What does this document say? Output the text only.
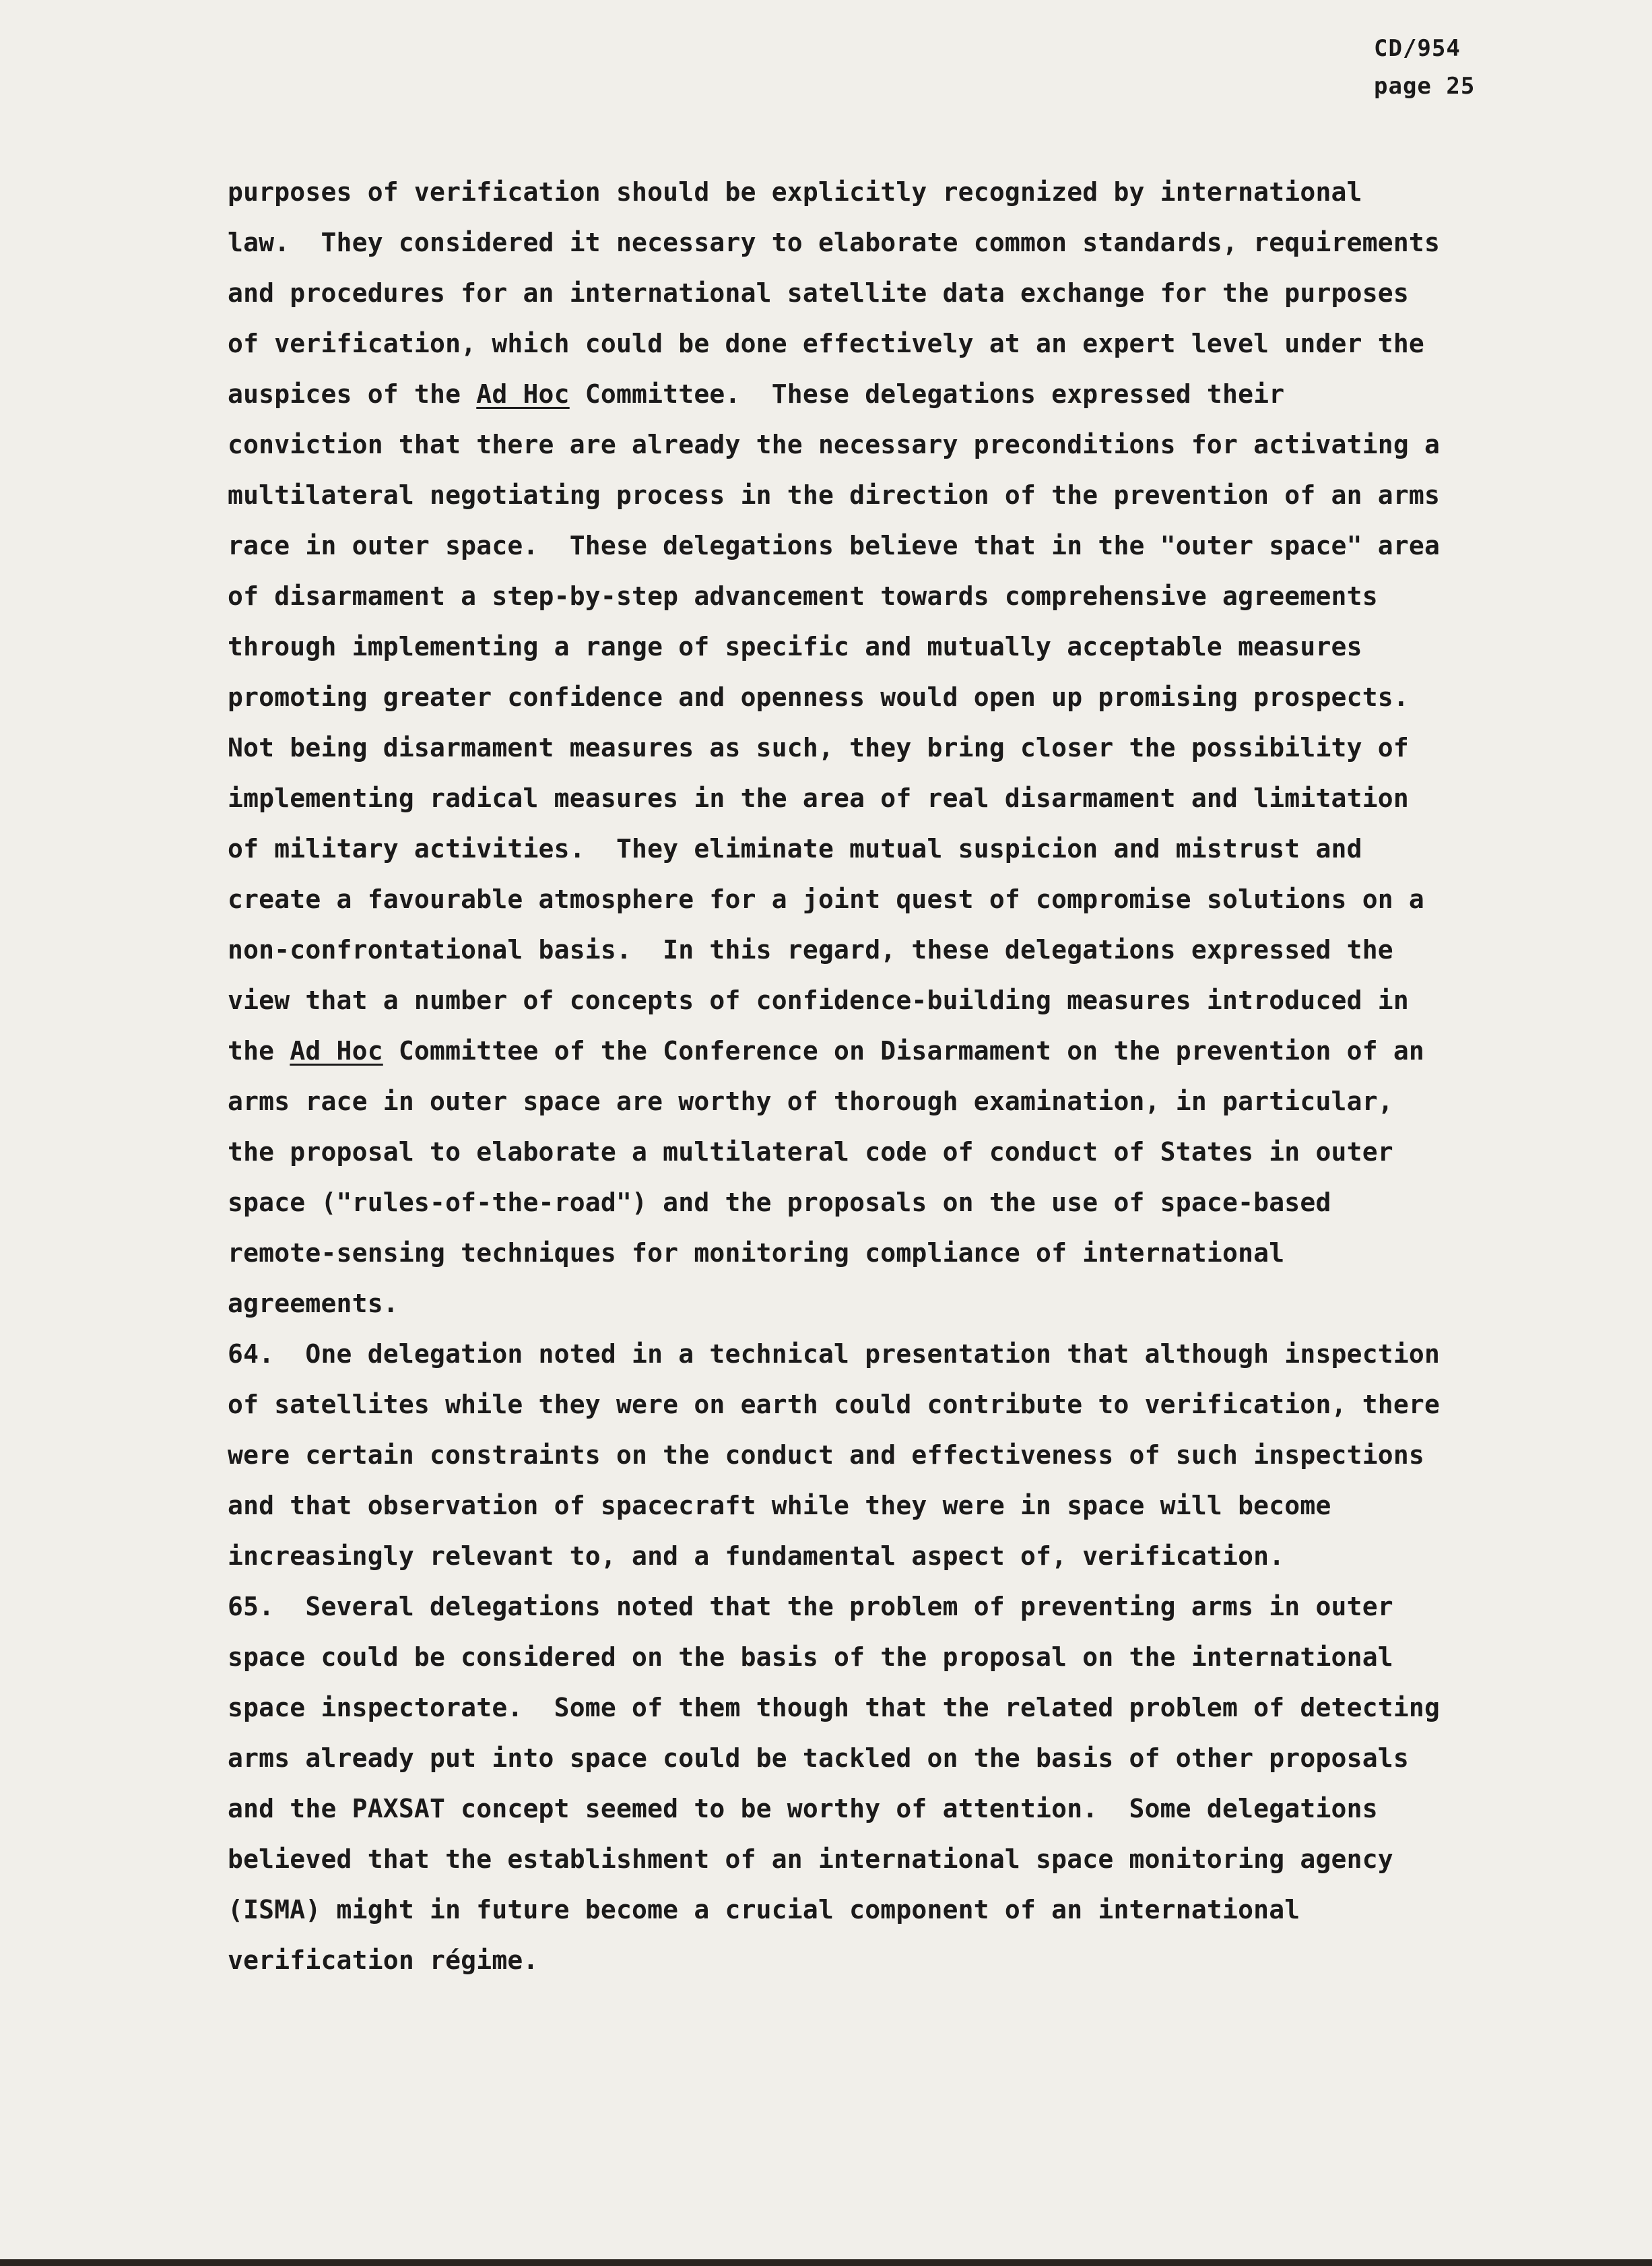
CD/954
page 25
purposes of verification should be explicitly recognized by international
law.  They considered it necessary to elaborate common standards, requirements
and procedures for an international satellite data exchange for the purposes
of verification, which could be done effectively at an expert level under the
auspices of the Ad Hoc Committee.  These delegations expressed their
conviction that there are already the necessary preconditions for activating a
multilateral negotiating process in the direction of the prevention of an arms
race in outer space.  These delegations believe that in the "outer space" area
of disarmament a step-by-step advancement towards comprehensive agreements
through implementing a range of specific and mutually acceptable measures
promoting greater confidence and openness would open up promising prospects.
Not being disarmament measures as such, they bring closer the possibility of
implementing radical measures in the area of real disarmament and limitation
of military activities.  They eliminate mutual suspicion and mistrust and
create a favourable atmosphere for a joint quest of compromise solutions on a
non-confrontational basis.  In this regard, these delegations expressed the
view that a number of concepts of confidence-building measures introduced in
the Ad Hoc Committee of the Conference on Disarmament on the prevention of an
arms race in outer space are worthy of thorough examination, in particular,
the proposal to elaborate a multilateral code of conduct of States in outer
space ("rules-of-the-road") and the proposals on the use of space-based
remote-sensing techniques for monitoring compliance of international
agreements.
64.  One delegation noted in a technical presentation that although inspection
of satellites while they were on earth could contribute to verification, there
were certain constraints on the conduct and effectiveness of such inspections
and that observation of spacecraft while they were in space will become
increasingly relevant to, and a fundamental aspect of, verification.
65.  Several delegations noted that the problem of preventing arms in outer
space could be considered on the basis of the proposal on the international
space inspectorate.  Some of them though that the related problem of detecting
arms already put into space could be tackled on the basis of other proposals
and the PAXSAT concept seemed to be worthy of attention.  Some delegations
believed that the establishment of an international space monitoring agency
(ISMA) might in future become a crucial component of an international
verification régime.
